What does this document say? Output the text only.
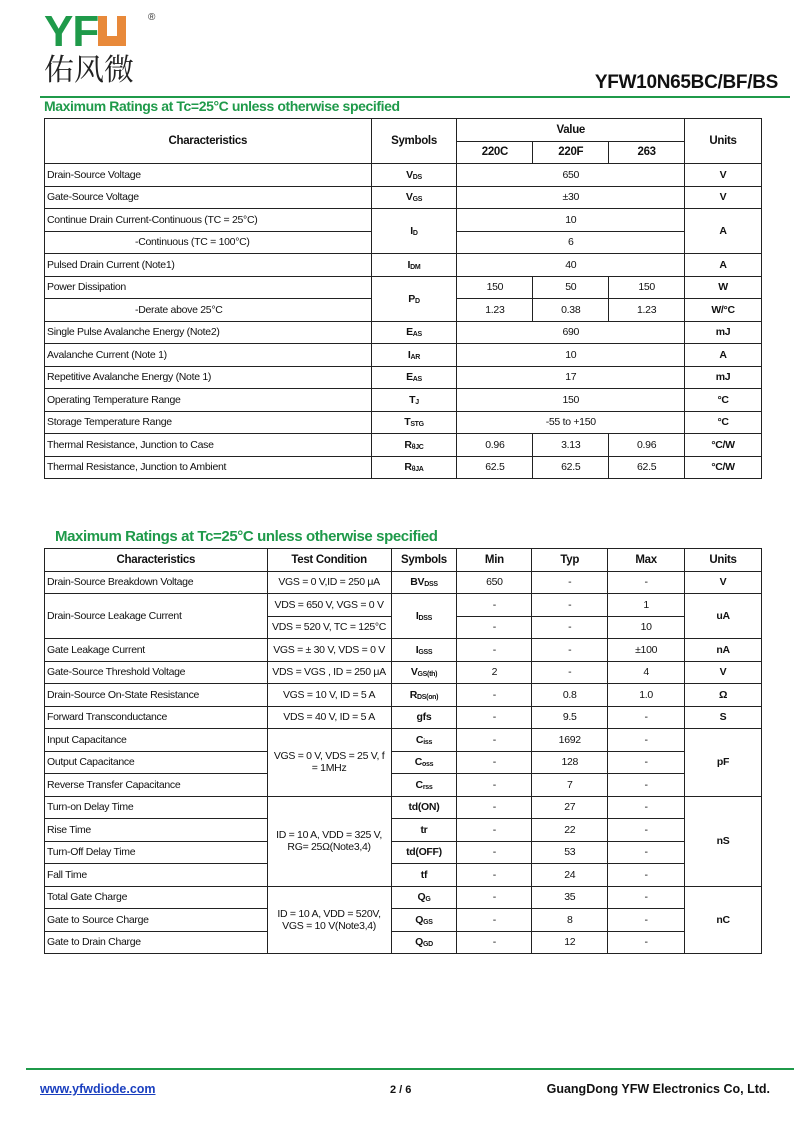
®
YF
佑风微	YFW10N65BC/BF/BS
Maximum Ratings at Tc=25°C unless otherwise specified
Characteristics	Symbols	Value			Units
		220C	220F	263	
Drain-Source Voltage	$V_{DS}$	650			V
Gate-Source Voltage	$V_{GS}$	±30			V
Continue Drain Current-Continuous (TC = 25°C)	$I_D$	10			A
-Continuous (TC = 100°C)		6			
Pulsed Drain Current (Note1)	$I_{DM}$	40			A
Power Dissipation	$P_D$	150	50	150	W
-Derate above 25°C		1.23	0.38	1.23	W/°C
Single Pulse Avalanche Energy (Note2)	$E_{AS}$	690			mJ
Avalanche Current (Note 1)	$I_{AR}$	10			A
Repetitive Avalanche Energy (Note 1)	$E_{AS}$	17			mJ
Operating Temperature Range	$T_J$	150			°C
Storage Temperature Range	$T_{STG}$	-55 to +150			°C
Thermal Resistance, Junction to Case	$R_{\theta JC}$	0.96	3.13	0.96	°C/W
Thermal Resistance, Junction to Ambient	$R_{\theta JA}$	62.5	62.5	62.5	°C/W
Maximum Ratings at Tc=25°C unless otherwise specified
Characteristics	Test Condition	Symbols	Min	Typ	Max	Units
Drain-Source Breakdown Voltage	VGS = 0 V,ID = 250 μA	$BV_{DSS}$	650	-	-	V
Drain-Source Leakage Current	VDS = 650 V, VGS = 0 V	$I_{DSS}$	-	-	1	uA
	VDS = 520 V, TC = 125°C		-	-	10	
Gate Leakage Current	VGS = ± 30 V, VDS = 0 V	$I_{GSS}$	-	-	±100	nA
Gate-Source Threshold Voltage	VDS = VGS , ID = 250 μA	$V_{GS(th)}$	2	-	4	V
Drain-Source On-State Resistance	VGS = 10 V, ID = 5 A	$R_{DS(on)}$	-	0.8	1.0	Ω
Forward Transconductance	VDS = 40 V, ID = 5 A	gfs	-	9.5	-	S
Input Capacitance	VGS = 0 V, VDS = 25 V, f = 1MHz	$C_{iss}$	-	1692	-	pF
Output Capacitance		$C_{oss}$	-	128	-	
Reverse Transfer Capacitance		$C_{rss}$	-	7	-	
Turn-on Delay Time	ID = 10 A, VDD = 325 V, RG= 25Ω(Note3,4)	td(ON)	-	27	-	nS
Rise Time		tr	-	22	-	
Turn-Off Delay Time		td(OFF)	-	53	-	
Fall Time		tf	-	24	-	
Total Gate Charge	ID = 10 A, VDD = 520V, VGS = 10 V(Note3,4)	$Q_G$	-	35	-	nC
Gate to Source Charge		$Q_{GS}$	-	8	-	
Gate to Drain Charge		$Q_{GD}$	-	12	-	
www.yfwdiode.com	2 / 6	GuangDong YFW Electronics Co, Ltd.
